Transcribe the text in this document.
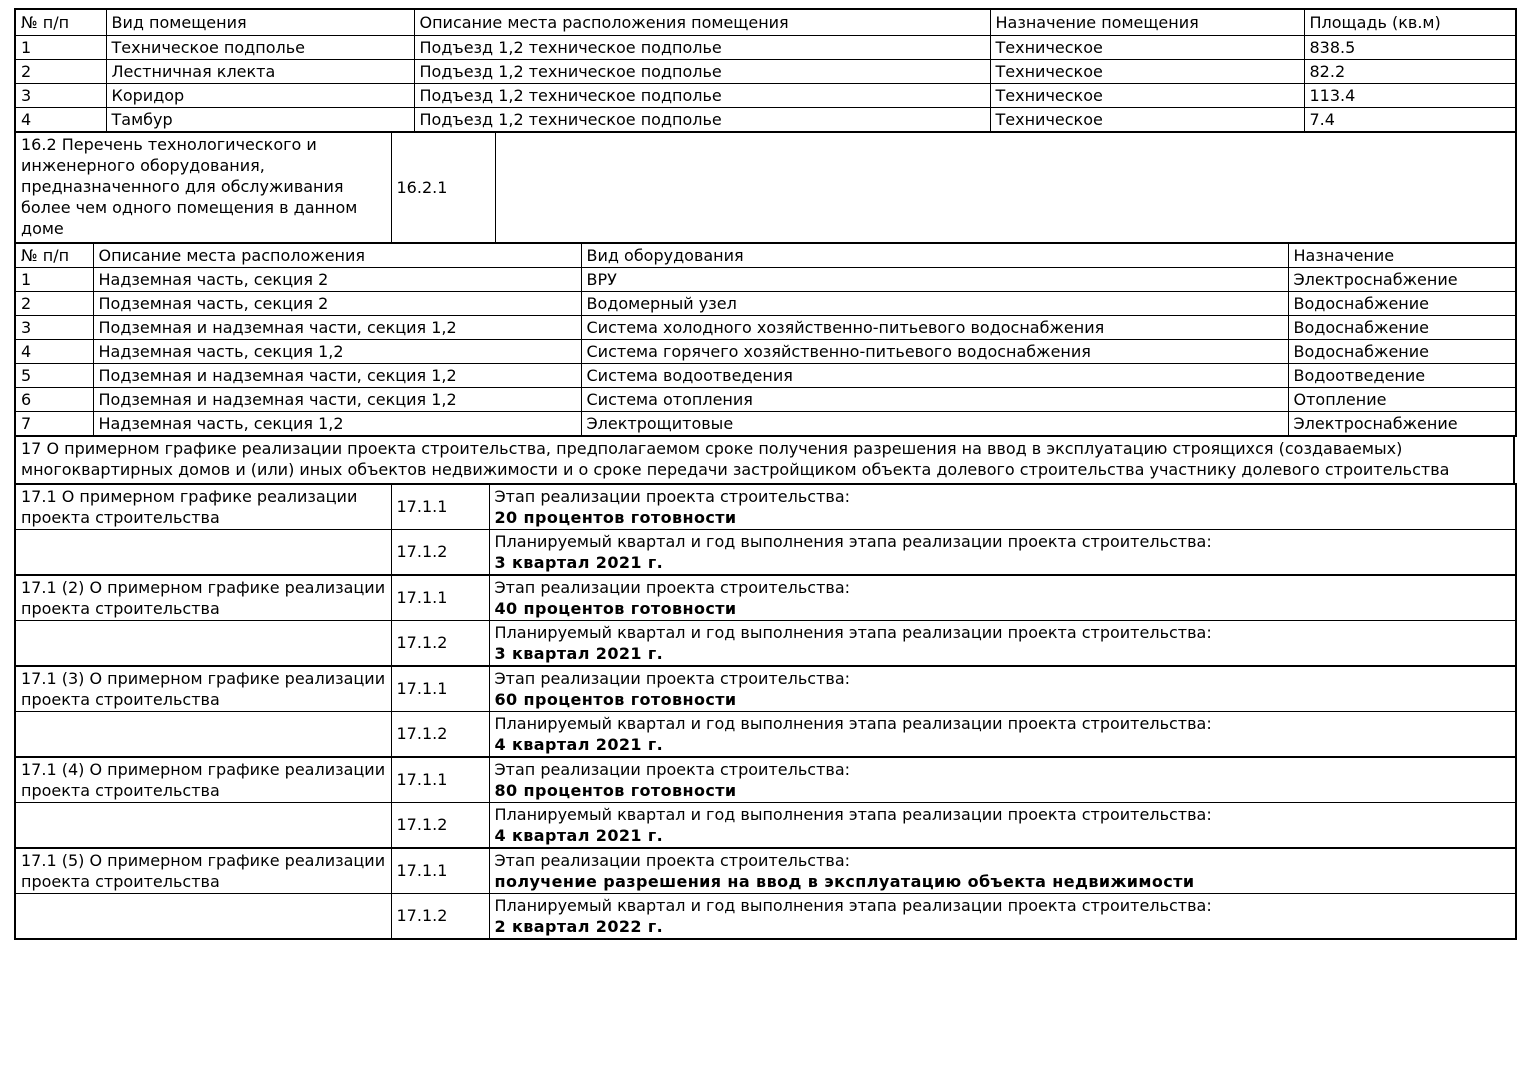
№ п/п	Вид помещения	Описание места расположения помещения	Назначение помещения	Площадь (кв.м)
1	Техническое подполье	Подъезд 1,2 техническое подполье	Техническое	838.5
2	Лестничная клекта	Подъезд 1,2 техническое подполье	Техническое	82.2
3	Коридор	Подъезд 1,2 техническое подполье	Техническое	113.4
4	Тамбур	Подъезд 1,2 техническое подполье	Техническое	7.4
16.2 Перечень технологического и инженерного оборудования, предназначенного для обслуживания более чем одного помещения в данном доме	16.2.1	
№ п/п	Описание места расположения	Вид оборудования	Назначение
1	Надземная часть, секция 2	ВРУ	Электроснабжение
2	Подземная часть, секция 2	Водомерный узел	Водоснабжение
3	Подземная и надземная части, секция 1,2	Система холодного хозяйственно-питьевого водоснабжения	Водоснабжение
4	Надземная часть, секция 1,2	Система горячего хозяйственно-питьевого водоснабжения	Водоснабжение
5	Подземная и надземная части, секция 1,2	Система водоотведения	Водоотведение
6	Подземная и надземная части, секция 1,2	Система отопления	Отопление
7	Надземная часть, секция 1,2	Электрощитовые	Электроснабжение
17 О примерном графике реализации проекта строительства, предполагаемом сроке получения разрешения на ввод в эксплуатацию строящихся (создаваемых) многоквартирных домов и (или) иных объектов недвижимости и о сроке передачи застройщиком объекта долевого строительства участнику долевого строительства
17.1 О примерном графике реализации проекта строительства	17.1.1	Этап реализации проекта строительства:
20 процентов готовности

	17.1.2	Планируемый квартал и год выполнения этапа реализации проекта строительства:
3 квартал 2021 г.
17.1 (2) О примерном графике реализации проекта строительства	17.1.1	Этап реализации проекта строительства:
40 процентов готовности

	17.1.2	Планируемый квартал и год выполнения этапа реализации проекта строительства:
3 квартал 2021 г.
17.1 (3) О примерном графике реализации проекта строительства	17.1.1	Этап реализации проекта строительства:
60 процентов готовности

	17.1.2	Планируемый квартал и год выполнения этапа реализации проекта строительства:
4 квартал 2021 г.
17.1 (4) О примерном графике реализации проекта строительства	17.1.1	Этап реализации проекта строительства:
80 процентов готовности

	17.1.2	Планируемый квартал и год выполнения этапа реализации проекта строительства:
4 квартал 2021 г.
17.1 (5) О примерном графике реализации проекта строительства	17.1.1	Этап реализации проекта строительства:
получение разрешения на ввод в эксплуатацию объекта недвижимости

	17.1.2	Планируемый квартал и год выполнения этапа реализации проекта строительства:
2 квартал 2022 г.
